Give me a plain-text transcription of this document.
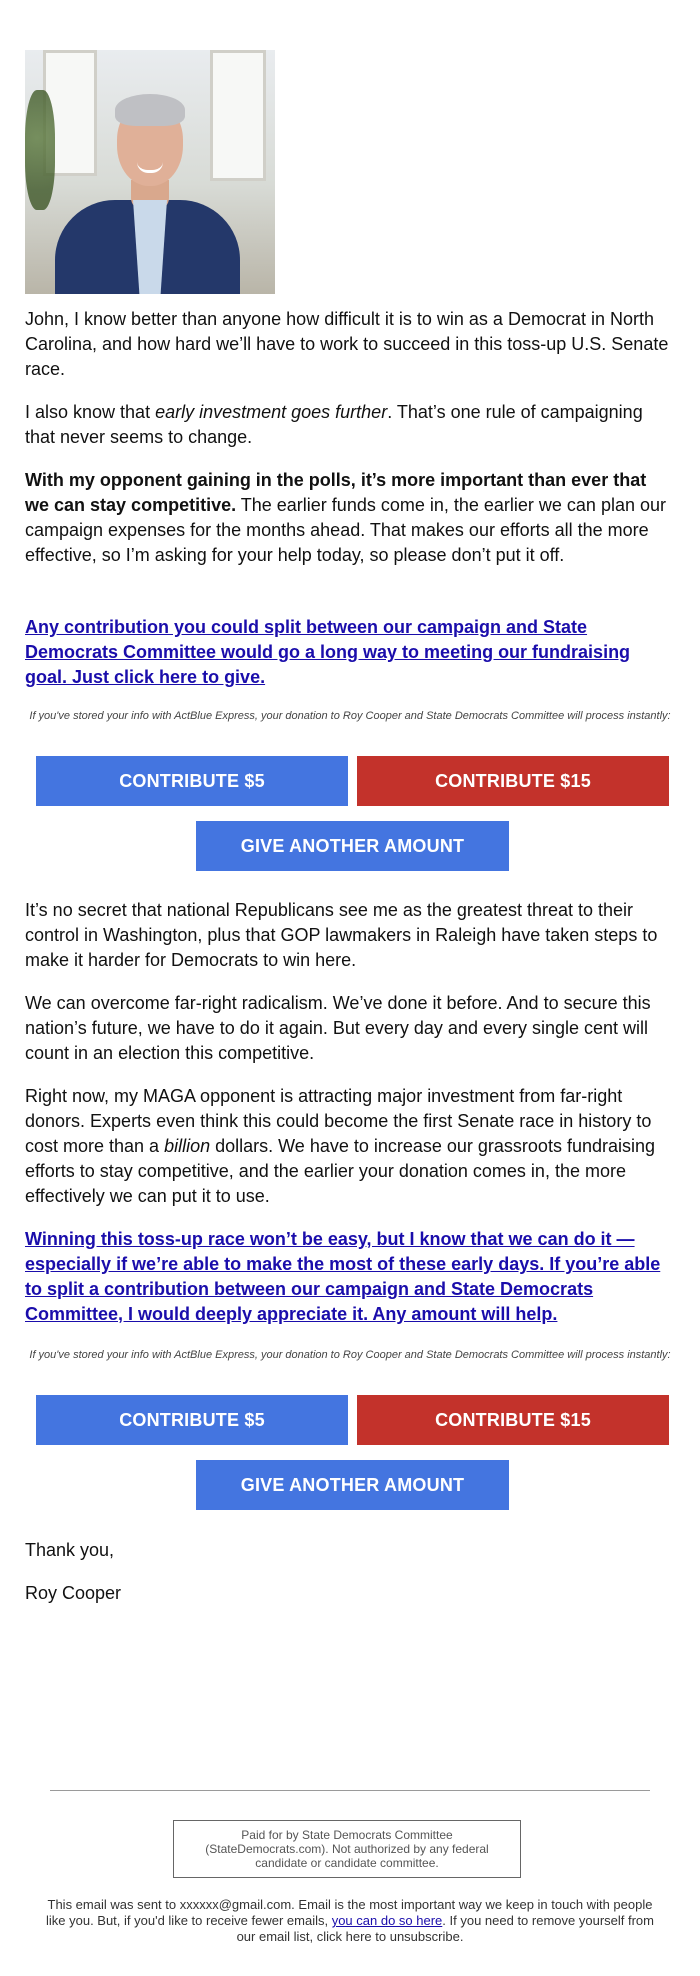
John, I know better than anyone how difficult it is to win as a Democrat in North Carolina, and how hard we’ll have to work to succeed in this toss-up U.S. Senate race.

I also know that early investment goes further. That’s one rule of campaigning that never seems to change.

With my opponent gaining in the polls, it’s more important than ever that we can stay competitive. The earlier funds come in, the earlier we can plan our campaign expenses for the months ahead. That makes our efforts all the more effective, so I’m asking for your help today, so please don’t put it off.

Any contribution you could split between our campaign and State Democrats Committee would go a long way to meeting our fundraising goal. Just click here to give.

If you've stored your info with ActBlue Express, your donation to Roy Cooper and State Democrats Committee will process instantly:

CONTRIBUTE $5	CONTRIBUTE $15
GIVE ANOTHER AMOUNT

It’s no secret that national Republicans see me as the greatest threat to their control in Washington, plus that GOP lawmakers in Raleigh have taken steps to make it harder for Democrats to win here.

We can overcome far-right radicalism. We’ve done it before. And to secure this nation’s future, we have to do it again. But every day and every single cent will count in an election this competitive.

Right now, my MAGA opponent is attracting major investment from far-right donors. Experts even think this could become the first Senate race in history to cost more than a billion dollars. We have to increase our grassroots fundraising efforts to stay competitive, and the earlier your donation comes in, the more effectively we can put it to use.

Winning this toss-up race won’t be easy, but I know that we can do it — especially if we’re able to make the most of these early days. If you’re able to split a contribution between our campaign and State Democrats Committee, I would deeply appreciate it. Any amount will help.

If you've stored your info with ActBlue Express, your donation to Roy Cooper and State Democrats Committee will process instantly:

CONTRIBUTE $5	CONTRIBUTE $15
GIVE ANOTHER AMOUNT

Thank you,

Roy Cooper

Paid for by State Democrats Committee (StateDemocrats.com). Not authorized by any federal candidate or candidate committee.

This email was sent to xxxxxx@gmail.com. Email is the most important way we keep in touch with people like you. But, if you'd like to receive fewer emails, you can do so here. If you need to remove yourself from our email list, click here to unsubscribe.
